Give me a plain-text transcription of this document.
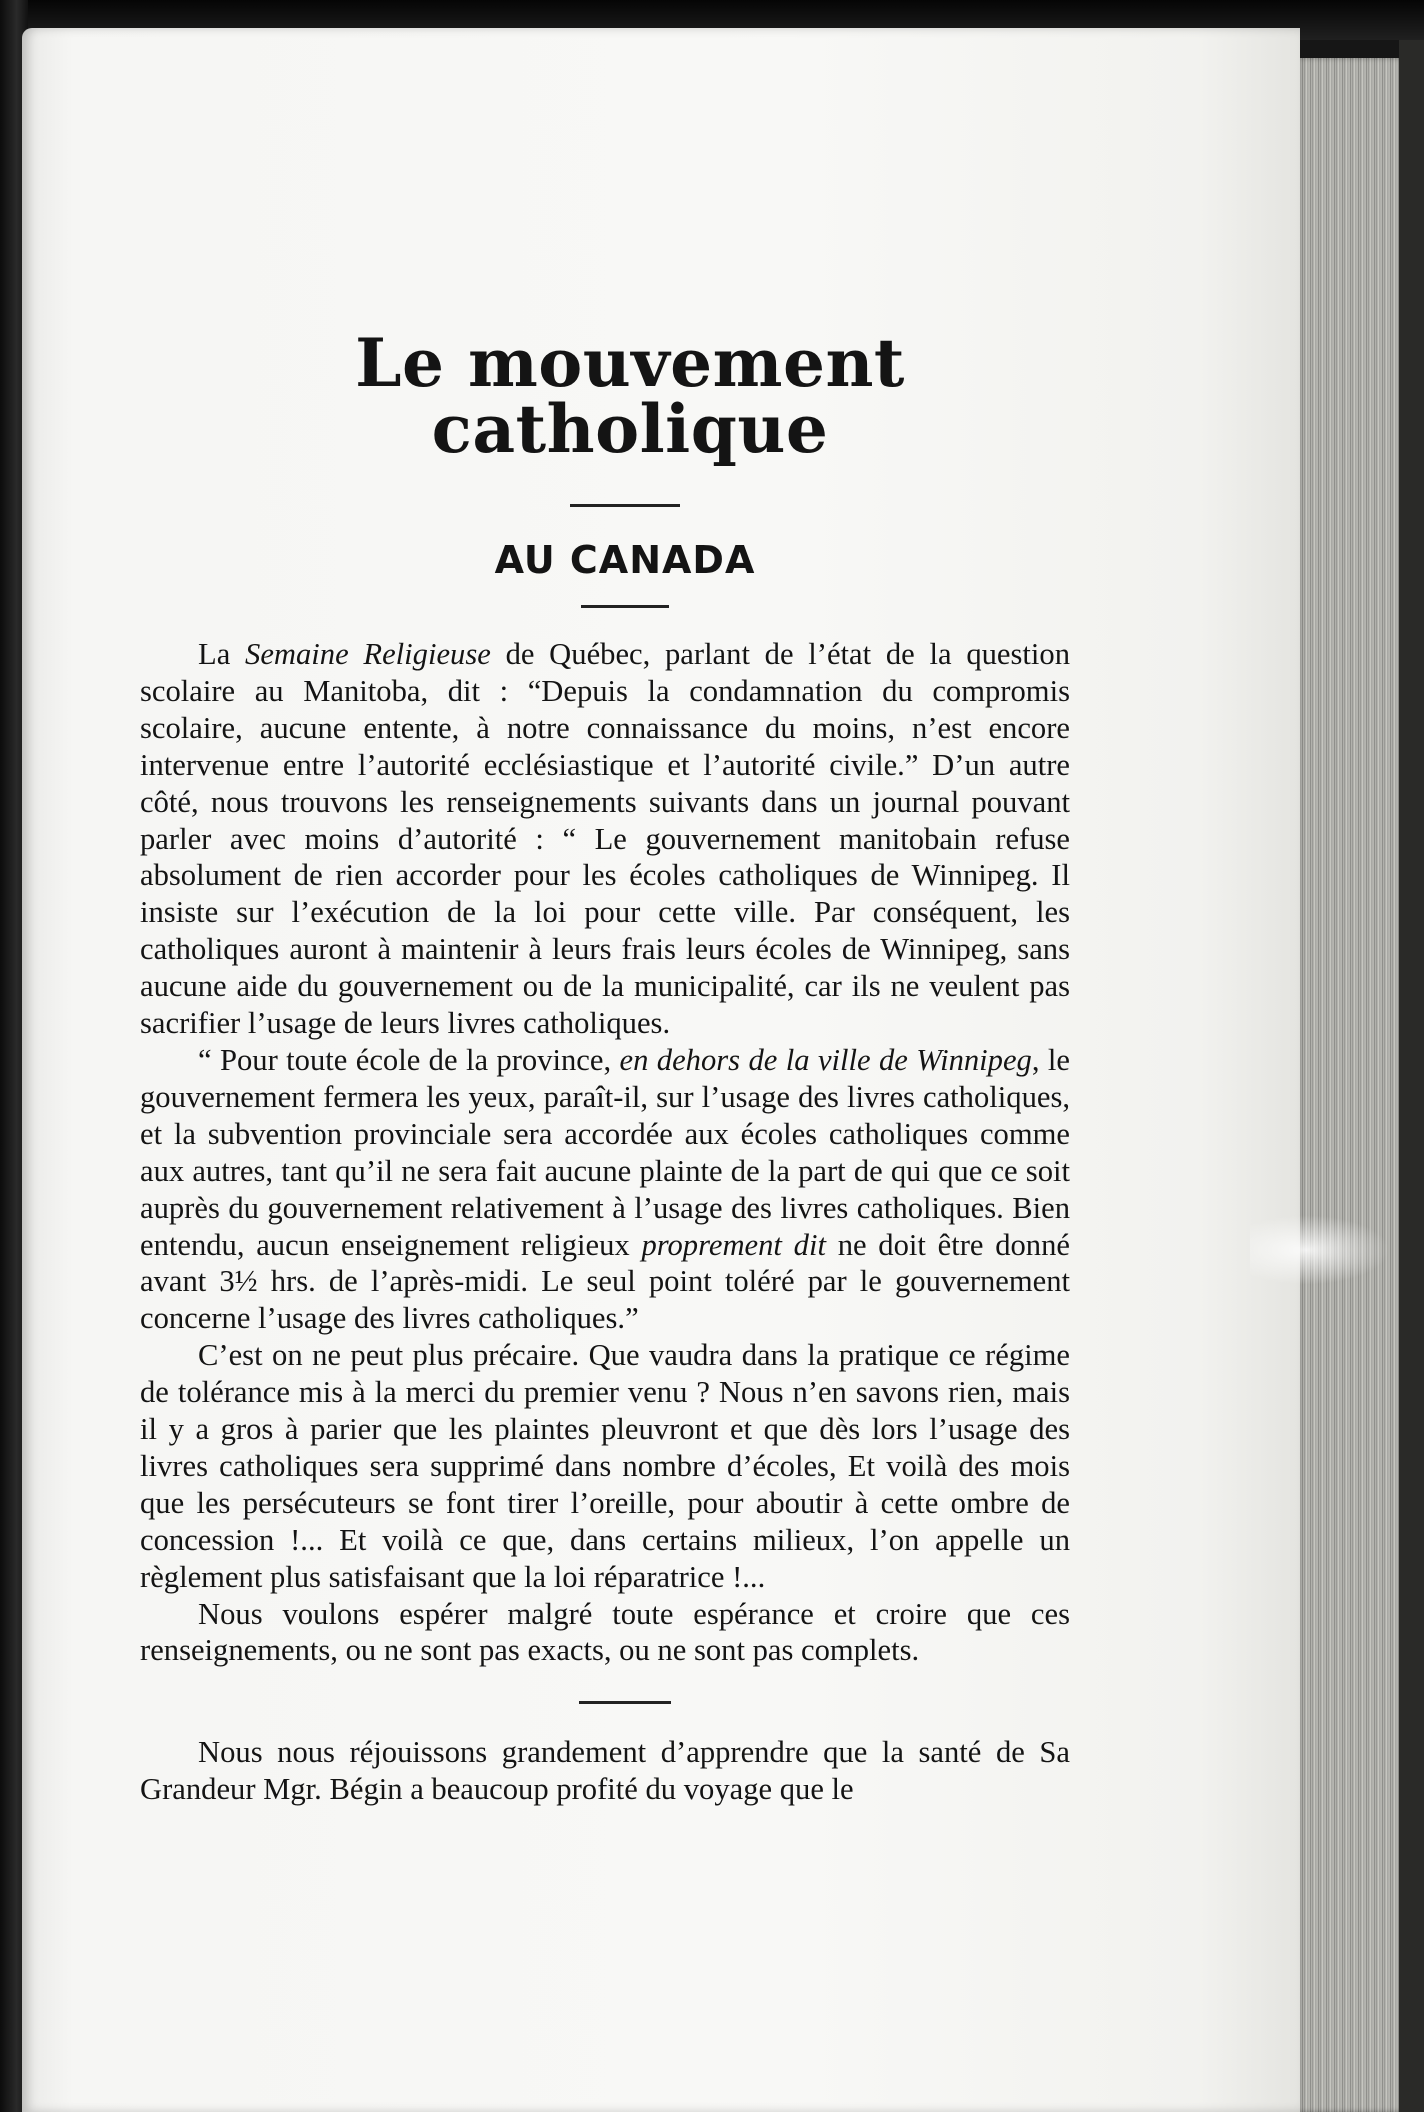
Le mouvement catholique
AU CANADA

La Semaine Religieuse de Québec, parlant de l’état de la question scolaire au Manitoba, dit : “Depuis la condamnation du compromis scolaire, aucune entente, à notre connaissance du moins, n’est encore intervenue entre l’autorité ecclésiastique et l’autorité civile.” D’un autre côté, nous trouvons les renseignements suivants dans un journal pouvant parler avec moins d’autorité : “ Le gouvernement manitobain refuse absolument de rien accorder pour les écoles catholiques de Winnipeg. Il insiste sur l’exécution de la loi pour cette ville. Par conséquent, les catholiques auront à maintenir à leurs frais leurs écoles de Winnipeg, sans aucune aide du gouvernement ou de la municipalité, car ils ne veulent pas sacrifier l’usage de leurs livres catholiques.

“ Pour toute école de la province, en dehors de la ville de Winnipeg, le gouvernement fermera les yeux, paraît-il, sur l’usage des livres catholiques, et la subvention provinciale sera accordée aux écoles catholiques comme aux autres, tant qu’il ne sera fait aucune plainte de la part de qui que ce soit auprès du gouvernement relativement à l’usage des livres catholiques. Bien entendu, aucun enseignement religieux proprement dit ne doit être donné avant 3½ hrs. de l’après-midi. Le seul point toléré par le gouvernement concerne l’usage des livres catholiques.”

C’est on ne peut plus précaire. Que vaudra dans la pratique ce régime de tolérance mis à la merci du premier venu ? Nous n’en savons rien, mais il y a gros à parier que les plaintes pleuvront et que dès lors l’usage des livres catholiques sera supprimé dans nombre d’écoles, Et voilà des mois que les persécuteurs se font tirer l’oreille, pour aboutir à cette ombre de concession !... Et voilà ce que, dans certains milieux, l’on appelle un règlement plus satisfaisant que la loi réparatrice !...

Nous voulons espérer malgré toute espérance et croire que ces renseignements, ou ne sont pas exacts, ou ne sont pas complets.

Nous nous réjouissons grandement d’apprendre que la santé de Sa Grandeur Mgr. Bégin a beaucoup profité du voyage que le
